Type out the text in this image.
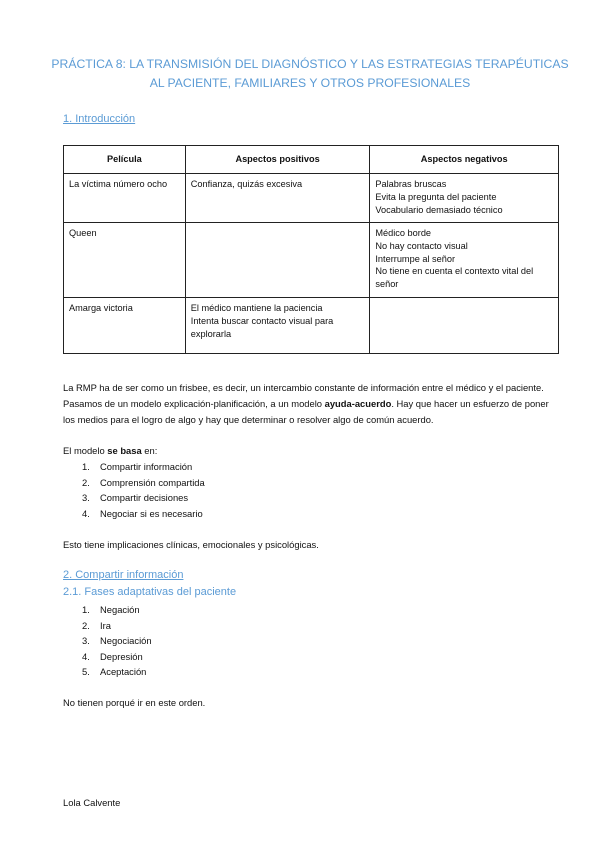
PRÁCTICA 8: LA TRANSMISIÓN DEL DIAGNÓSTICO Y LAS ESTRATEGIAS TERAPÉUTICAS
AL PACIENTE, FAMILIARES Y OTROS PROFESIONALES
1. Introducción
Película	Aspectos positivos	Aspectos negativos
La víctima número ocho	Confianza, quizás excesiva	Palabras bruscas
Evita la pregunta del paciente
Vocabulario demasiado técnico

Queen		Médico borde
No hay contacto visual
Interrumpe al señor
No tiene en cuenta el contexto vital del señor

Amarga victoria	El médico mantiene la paciencia
Intenta buscar contacto visual para explorarla	

La RMP ha de ser como un frisbee, es decir, un intercambio constante de información entre el médico y el paciente. Pasamos de un modelo explicación-planificación, a un modelo ayuda-acuerdo. Hay que hacer un esfuerzo de poner los medios para el logro de algo y hay que determinar o resolver algo de común acuerdo.
El modelo se basa en:
1. Compartir información
2. Comprensión compartida
3. Compartir decisiones
4. Negociar si es necesario
Esto tiene implicaciones clínicas, emocionales y psicológicas.
2. Compartir información
2.1. Fases adaptativas del paciente
1. Negación
2. Ira
3. Negociación
4. Depresión
5. Aceptación
No tienen porqué ir en este orden.
Lola Calvente
